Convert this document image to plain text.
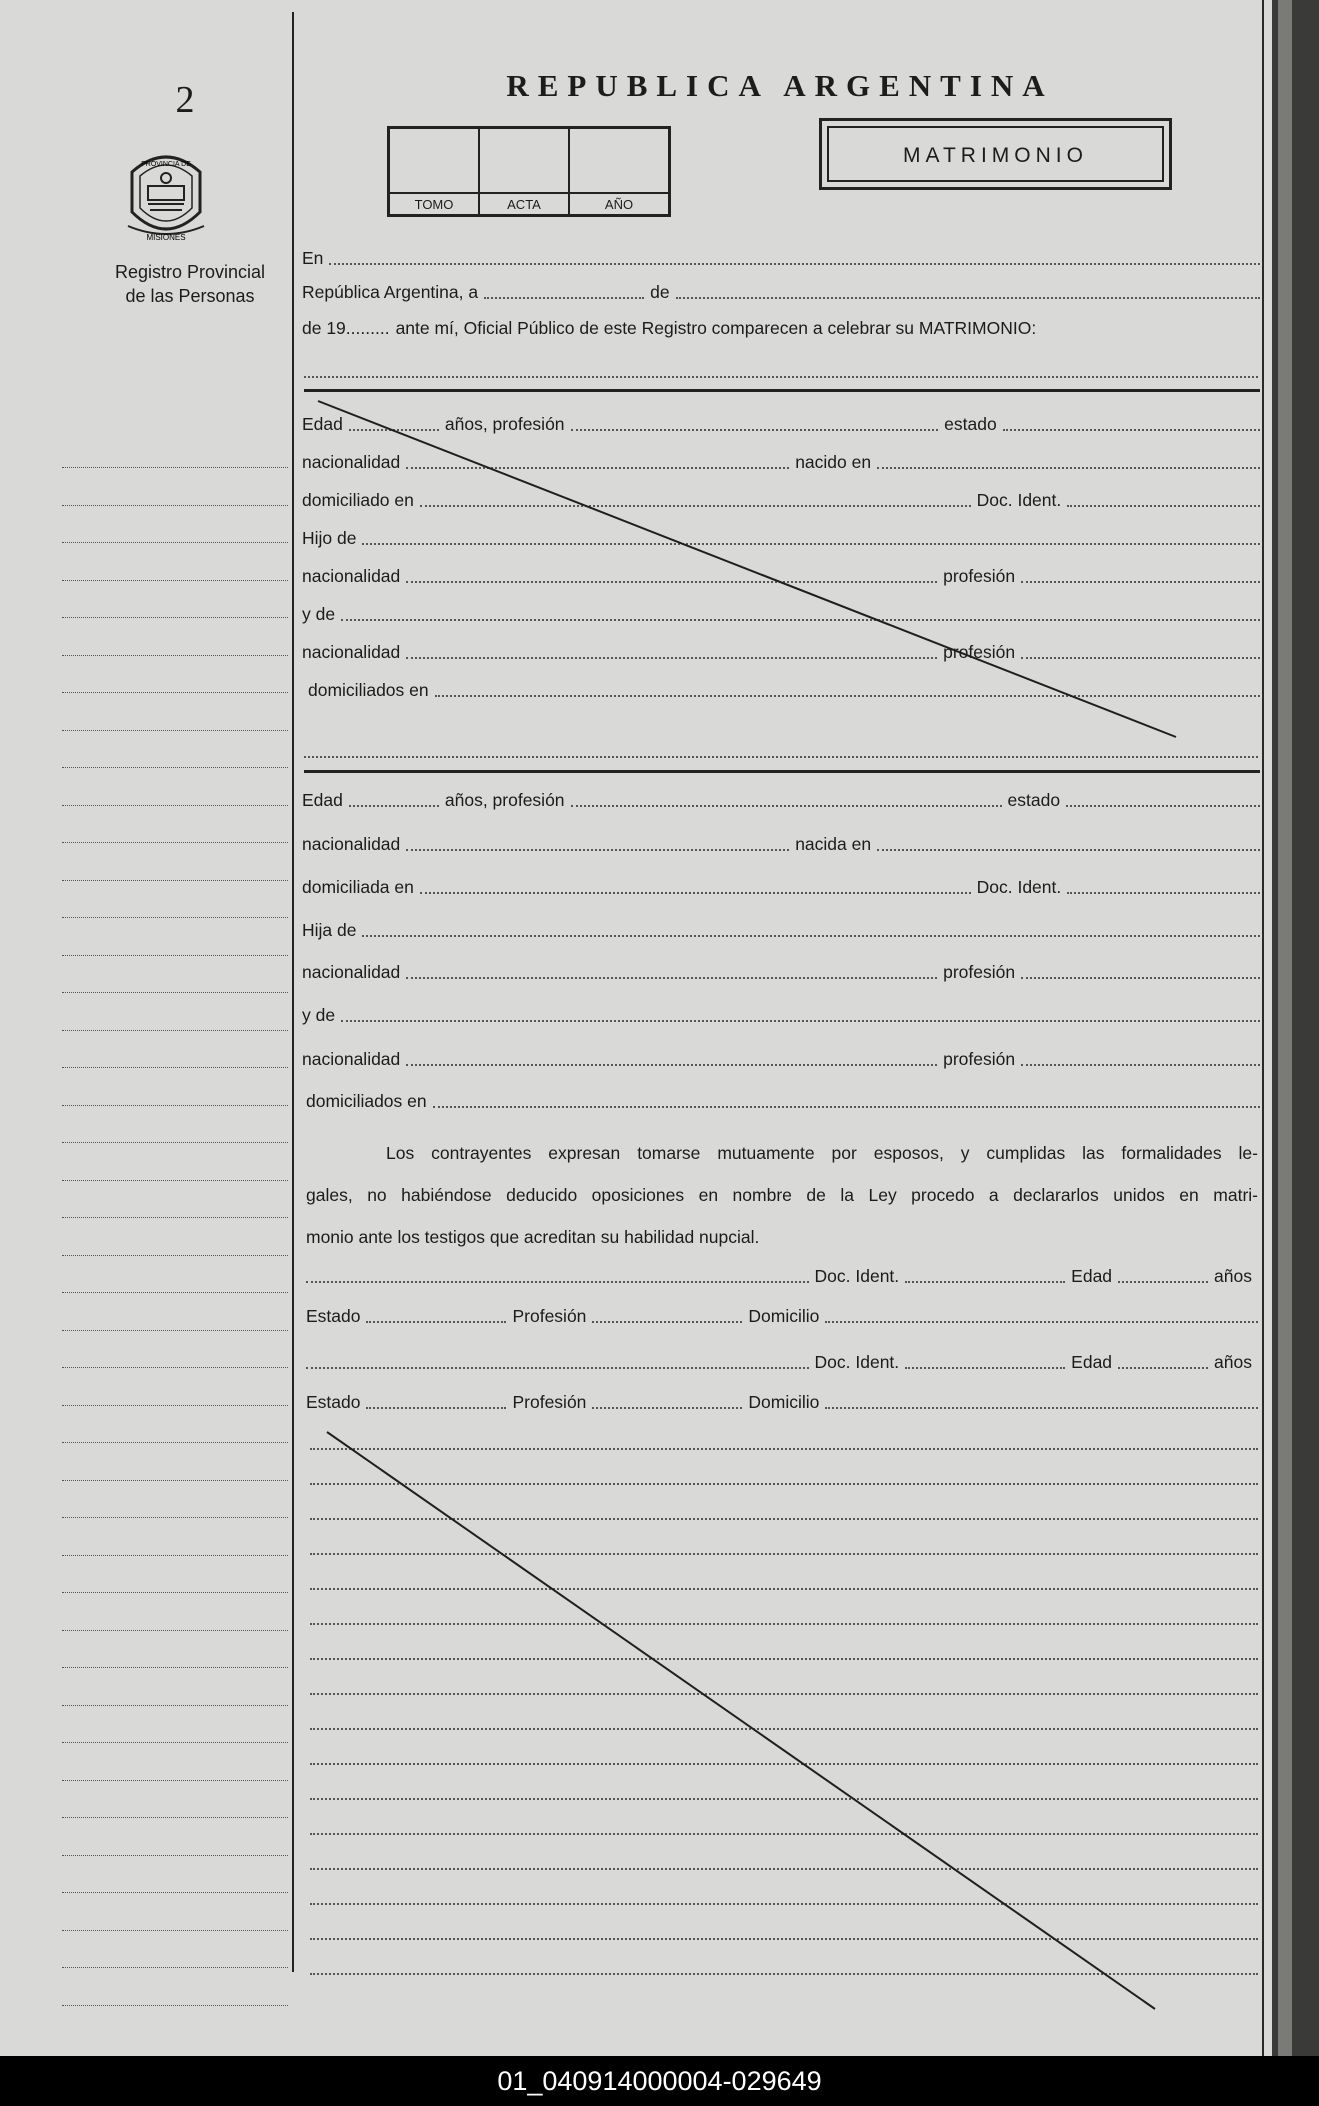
2
PROVINCIA DE
MISIONES
Registro Provincial
de las Personas
REPUBLICA ARGENTINA
TOMO	ACTA	AÑO
MATRIMONIO
En
República Argentina, a	de
de 19......... ante mí, Oficial Público de este Registro comparecen a celebrar su MATRIMONIO:
Edad	años, profesión	estado
nacionalidad	nacido en
domiciliado en	Doc. Ident.
Hijo de
nacionalidad	profesión
y de
nacionalidad	profesión
domiciliados en
Edad	años, profesión	estado
nacionalidad	nacida en
domiciliada en	Doc. Ident.
Hija de
nacionalidad	profesión
y de
nacionalidad	profesión
domiciliados en
Los contrayentes expresan tomarse mutuamente por esposos, y cumplidas las formalidades le-
gales, no habiéndose deducido oposiciones en nombre de la Ley procedo a declararlos unidos en matri-
monio ante los testigos que acreditan su habilidad nupcial.
Doc. Ident.	Edad	años
Estado	Profesión	Domicilio
Doc. Ident.	Edad	años
Estado	Profesión	Domicilio
01_040914000004-029649
